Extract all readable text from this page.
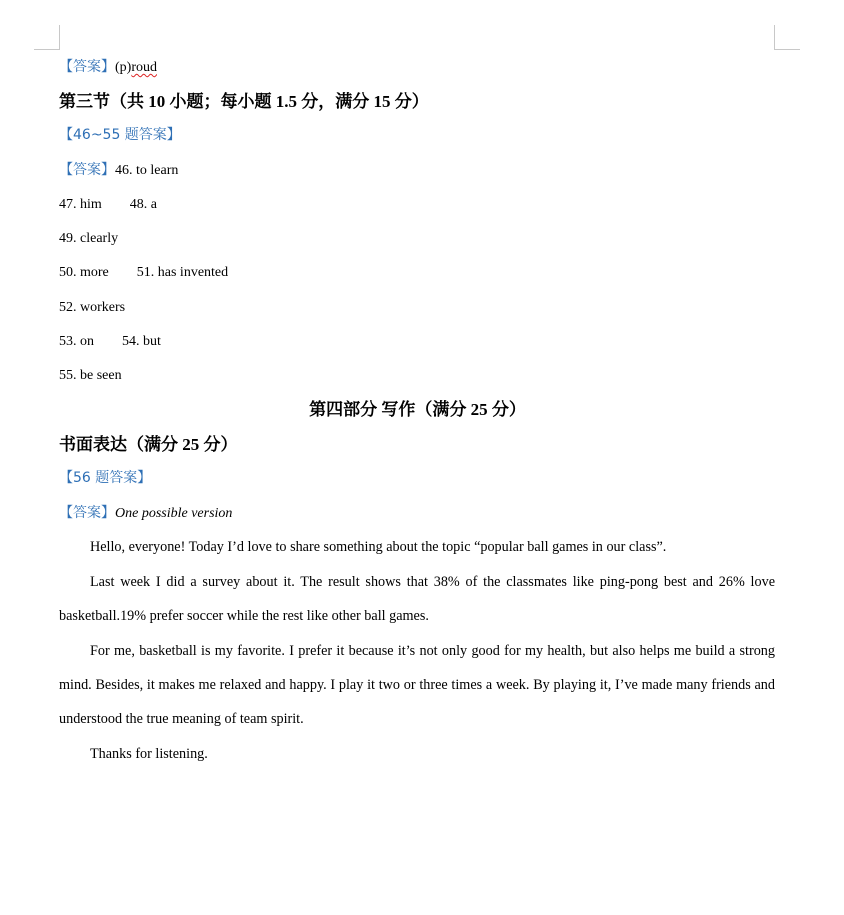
【答案】(p)roud
第三节（共 10 小题；每小题 1.5 分，满分 15 分）
【46~55 题答案】
【答案】46. to learn
47. him 48. a
49. clearly
50. more 51. has invented
52. workers
53. on 54. but
55. be seen
第四部分 写作（满分 25 分）
书面表达（满分 25 分）
【56 题答案】
【答案】One possible version
Hello, everyone! Today I’d love to share something about the topic “popular ball games in our class”.
Last week I did a survey about it. The result shows that 38% of the classmates like ping-pong best and 26% love basketball.19% prefer soccer while the rest like other ball games.
For me, basketball is my favorite. I prefer it because it’s not only good for my health, but also helps me build a strong mind. Besides, it makes me relaxed and happy. I play it two or three times a week. By playing it, I’ve made many friends and understood the true meaning of team spirit.
Thanks for listening.
